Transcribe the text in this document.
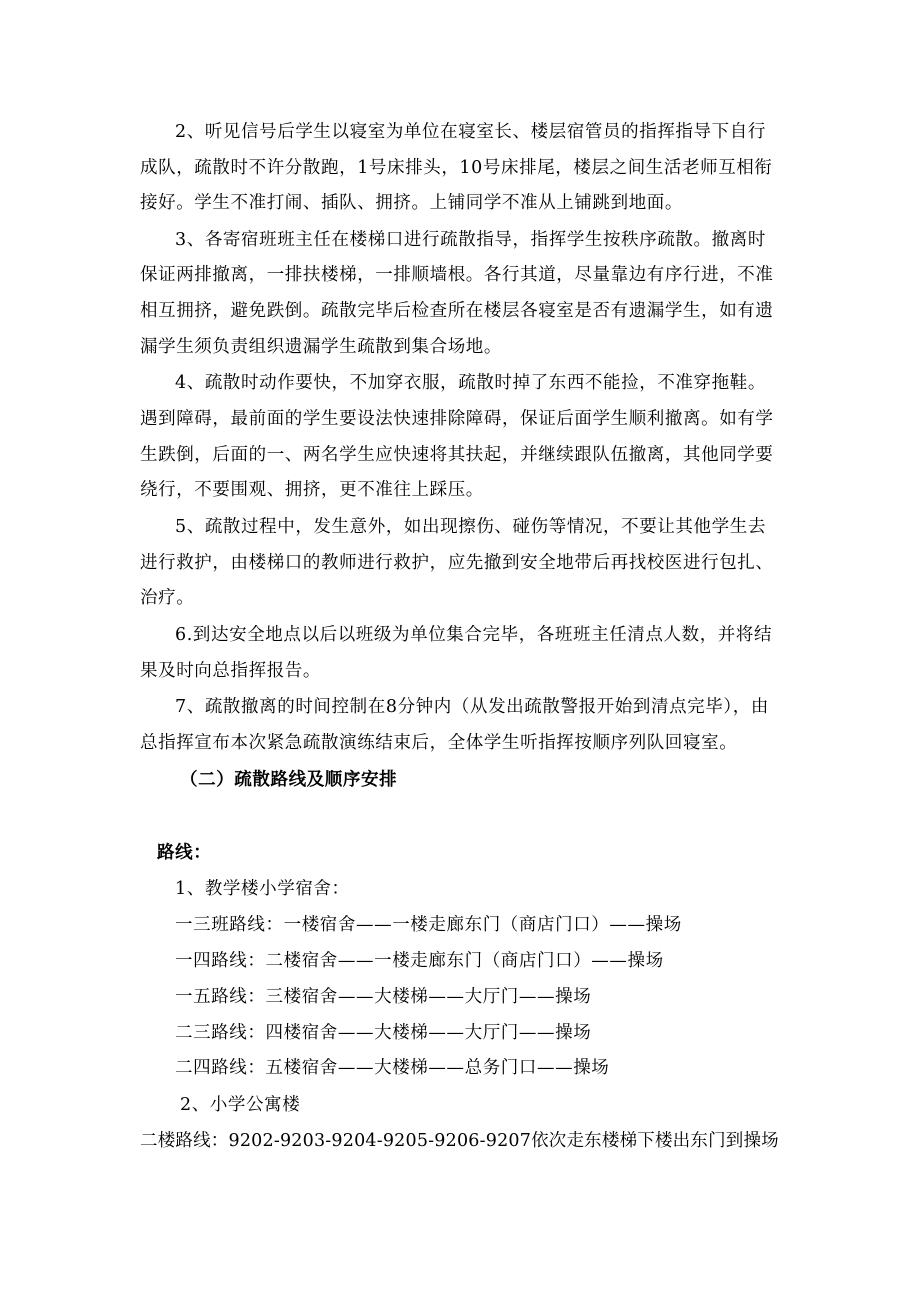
2、听见信号后学生以寝室为单位在寝室长、楼层宿管员的指挥指导下自行
成队，疏散时不许分散跑，1号床排头，10号床排尾，楼层之间生活老师互相衔
接好。学生不准打闹、插队、拥挤。上铺同学不准从上铺跳到地面。
3、各寄宿班班主任在楼梯口进行疏散指导，指挥学生按秩序疏散。撤离时
保证两排撤离，一排扶楼梯，一排顺墙根。各行其道，尽量靠边有序行进，不准
相互拥挤，避免跌倒。疏散完毕后检查所在楼层各寝室是否有遗漏学生，如有遗
漏学生须负责组织遗漏学生疏散到集合场地。
4、疏散时动作要快，不加穿衣服，疏散时掉了东西不能捡，不准穿拖鞋。
遇到障碍，最前面的学生要设法快速排除障碍，保证后面学生顺利撤离。如有学
生跌倒，后面的一、两名学生应快速将其扶起，并继续跟队伍撤离，其他同学要
绕行，不要围观、拥挤，更不准往上踩压。
5、疏散过程中，发生意外，如出现擦伤、碰伤等情况，不要让其他学生去
进行救护，由楼梯口的教师进行救护，应先撤到安全地带后再找校医进行包扎、
治疗。
6.到达安全地点以后以班级为单位集合完毕，各班班主任清点人数，并将结
果及时向总指挥报告。
7、疏散撤离的时间控制在8分钟内（从发出疏散警报开始到清点完毕），由
总指挥宣布本次紧急疏散演练结束后，全体学生听指挥按顺序列队回寝室。
（二）疏散路线及顺序安排
路线：
1、教学楼小学宿舍：
一三班路线：一楼宿舍——一楼走廊东门（商店门口）——操场
一四路线：二楼宿舍——一楼走廊东门（商店门口）——操场
一五路线：三楼宿舍——大楼梯——大厅门——操场
二三路线：四楼宿舍——大楼梯——大厅门——操场
二四路线：五楼宿舍——大楼梯——总务门口——操场
2、小学公寓楼
二楼路线：9202-9203-9204-9205-9206-9207依次走东楼梯下楼出东门到操场
